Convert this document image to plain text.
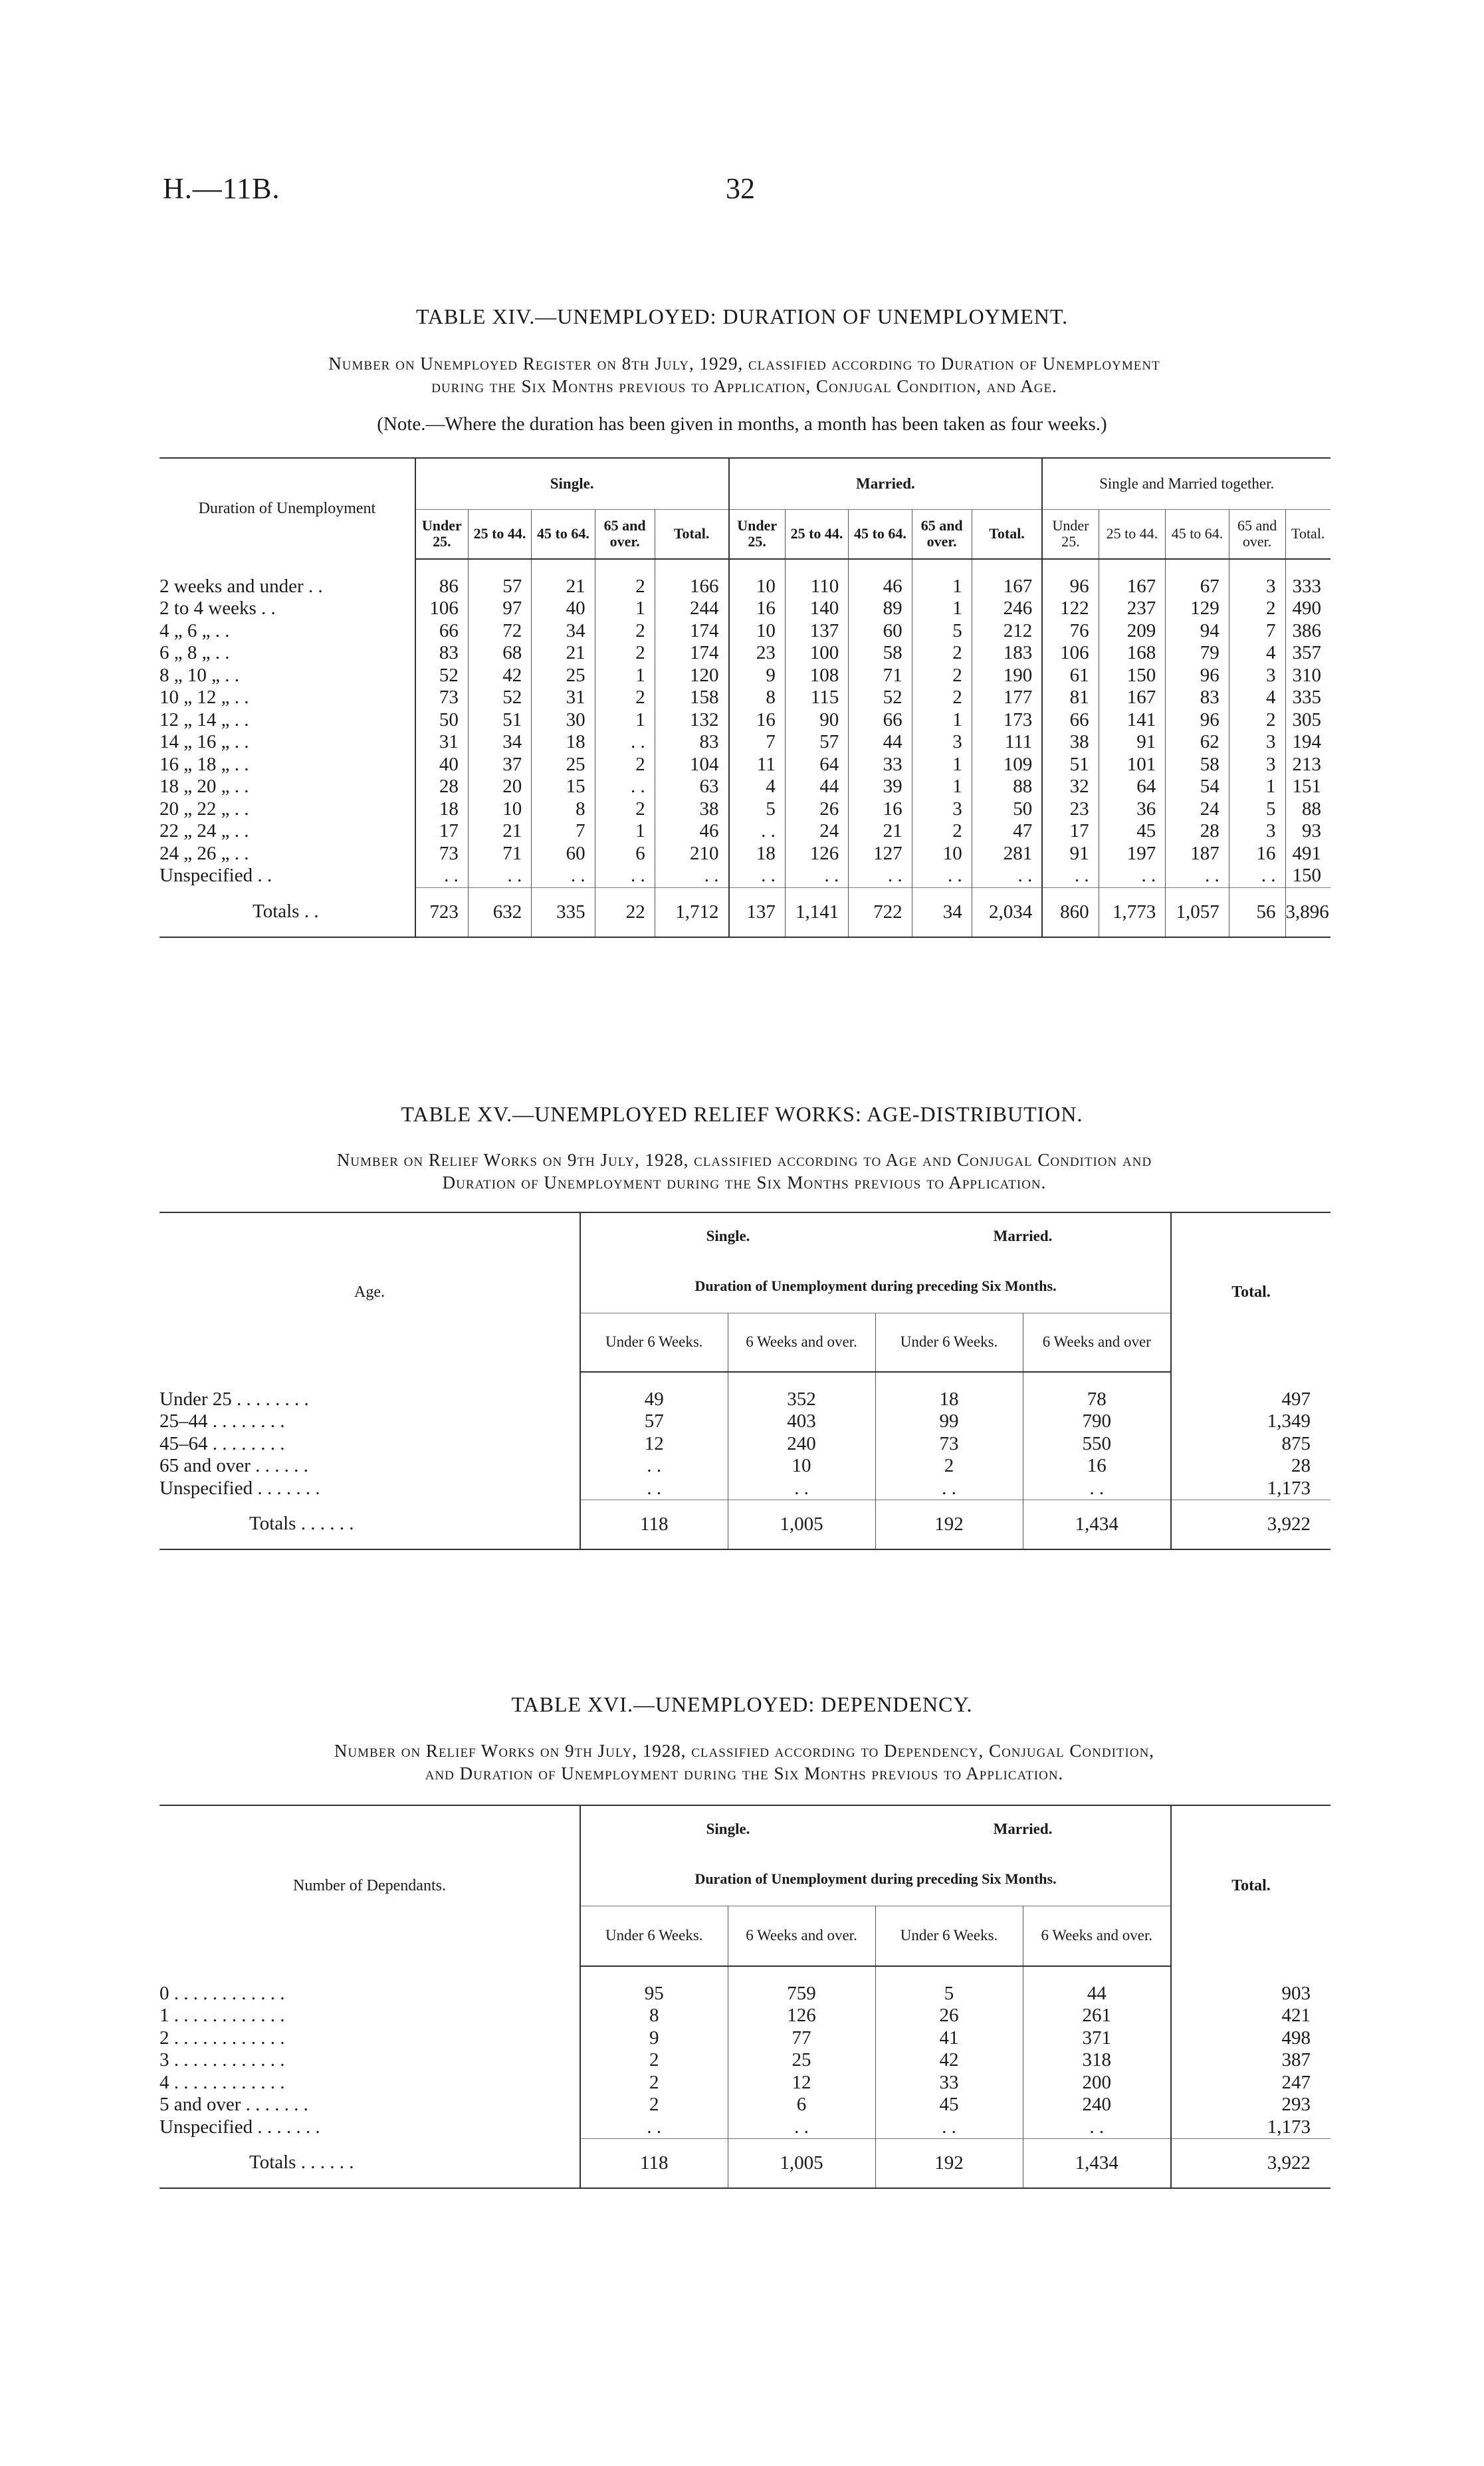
H.—11B.	32
TABLE XIV.—UNEMPLOYED: DURATION OF UNEMPLOYMENT.
Number on Unemployed Register on 8th July, 1929, classified according to Duration of Unemployment
during the Six Months previous to Application, Conjugal Condition, and Age.
(Note.—Where the duration has been given in months, a month has been taken as four weeks.)
Duration of Unemployment	Single.					Married.					Single and Married together.				
	Under 25.	25 to 44.	45 to 64.	65 and over.	Total.	Under 25.	25 to 44.	45 to 64.	65 and over.	Total.	Under 25.	25 to 44.	45 to 64.	65 and over.	Total.

2 weeks and under . .	86	57	21	2	166	10	110	46	1	167	96	167	67	3	333
2 to 4 weeks . .	106	97	40	1	244	16	140	89	1	246	122	237	129	2	490
4 „ 6 „ . .	66	72	34	2	174	10	137	60	5	212	76	209	94	7	386
6 „ 8 „ . .	83	68	21	2	174	23	100	58	2	183	106	168	79	4	357
8 „ 10 „ . .	52	42	25	1	120	9	108	71	2	190	61	150	96	3	310
10 „ 12 „ . .	73	52	31	2	158	8	115	52	2	177	81	167	83	4	335
12 „ 14 „ . .	50	51	30	1	132	16	90	66	1	173	66	141	96	2	305
14 „ 16 „ . .	31	34	18	. .	83	7	57	44	3	111	38	91	62	3	194
16 „ 18 „ . .	40	37	25	2	104	11	64	33	1	109	51	101	58	3	213
18 „ 20 „ . .	28	20	15	. .	63	4	44	39	1	88	32	64	54	1	151
20 „ 22 „ . .	18	10	8	2	38	5	26	16	3	50	23	36	24	5	88
22 „ 24 „ . .	17	21	7	1	46	. .	24	21	2	47	17	45	28	3	93
24 „ 26 „ . .	73	71	60	6	210	18	126	127	10	281	91	197	187	16	491
Unspecified . .	. .	. .	. .	. .	. .	. .	. .	. .	. .	. .	. .	. .	. .	. .	150
Totals . .	723	632	335	22	1,712	137	1,141	722	34	2,034	860	1,773	1,057	56	3,896
TABLE XV.—UNEMPLOYED RELIEF WORKS: AGE-DISTRIBUTION.
Number on Relief Works on 9th July, 1928, classified according to Age and Conjugal Condition and
Duration of Unemployment during the Six Months previous to Application.
Age.	Single.		Married.		Total.
	Duration of Unemployment during preceding Six Months.				
	Under 6 Weeks.	6 Weeks and over.	Under 6 Weeks.	6 Weeks and over	

Under 25 . . . . . . . .	49	352	18	78	497
25–44 . . . . . . . .	57	403	99	790	1,349
45–64 . . . . . . . .	12	240	73	550	875
65 and over . . . . . .	. .	10	2	16	28
Unspecified . . . . . . .	. .	. .	. .	. .	1,173
Totals . . . . . .	118	1,005	192	1,434	3,922
TABLE XVI.—UNEMPLOYED: DEPENDENCY.
Number on Relief Works on 9th July, 1928, classified according to Dependency, Conjugal Condition,
and Duration of Unemployment during the Six Months previous to Application.
Number of Dependants.	Single.		Married.		Total.
	Duration of Unemployment during preceding Six Months.				
	Under 6 Weeks.	6 Weeks and over.	Under 6 Weeks.	6 Weeks and over.	

0 . . . . . . . . . . . .	95	759	5	44	903
1 . . . . . . . . . . . .	8	126	26	261	421
2 . . . . . . . . . . . .	9	77	41	371	498
3 . . . . . . . . . . . .	2	25	42	318	387
4 . . . . . . . . . . . .	2	12	33	200	247
5 and over . . . . . . .	2	6	45	240	293
Unspecified . . . . . . .	. .	. .	. .	. .	1,173
Totals . . . . . .	118	1,005	192	1,434	3,922
